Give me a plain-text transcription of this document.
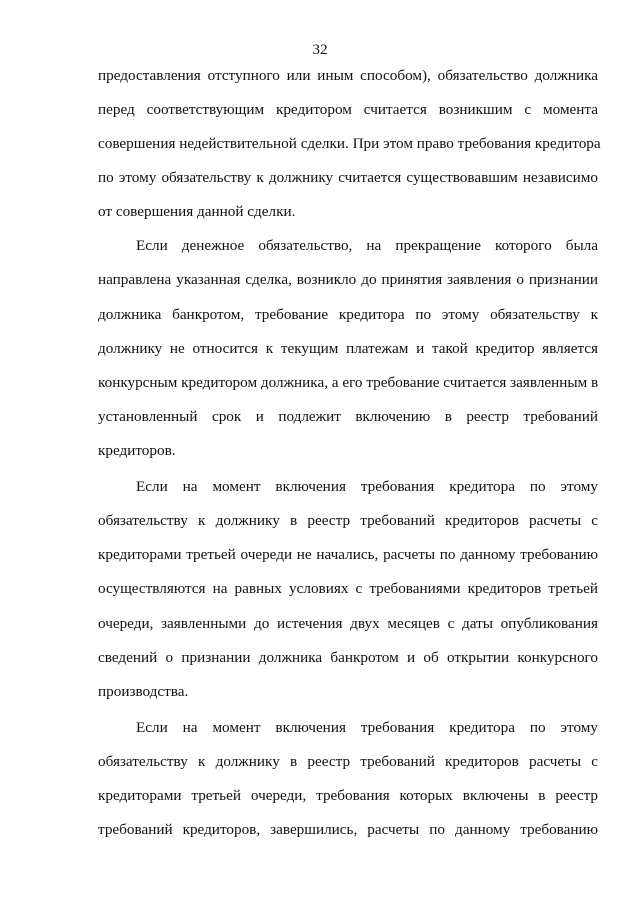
32
предоставления отступного или иным способом), обязательство должника
перед соответствующим кредитором считается возникшим с момента
совершения недействительной сделки. При этом право требования кредитора
по этому обязательству к должнику считается существовавшим независимо
от совершения данной сделки.
Если денежное обязательство, на прекращение которого была
направлена указанная сделка, возникло до принятия заявления о признании
должника банкротом, требование кредитора по этому обязательству к
должнику не относится к текущим платежам и такой кредитор является
конкурсным кредитором должника, а его требование считается заявленным в
установленный срок и подлежит включению в реестр требований
кредиторов.
Если на момент включения требования кредитора по этому
обязательству к должнику в реестр требований кредиторов расчеты с
кредиторами третьей очереди не начались, расчеты по данному требованию
осуществляются на равных условиях с требованиями кредиторов третьей
очереди, заявленными до истечения двух месяцев с даты опубликования
сведений о признании должника банкротом и об открытии конкурсного
производства.
Если на момент включения требования кредитора по этому
обязательству к должнику в реестр требований кредиторов расчеты с
кредиторами третьей очереди, требования которых включены в реестр
требований кредиторов, завершились, расчеты по данному требованию
